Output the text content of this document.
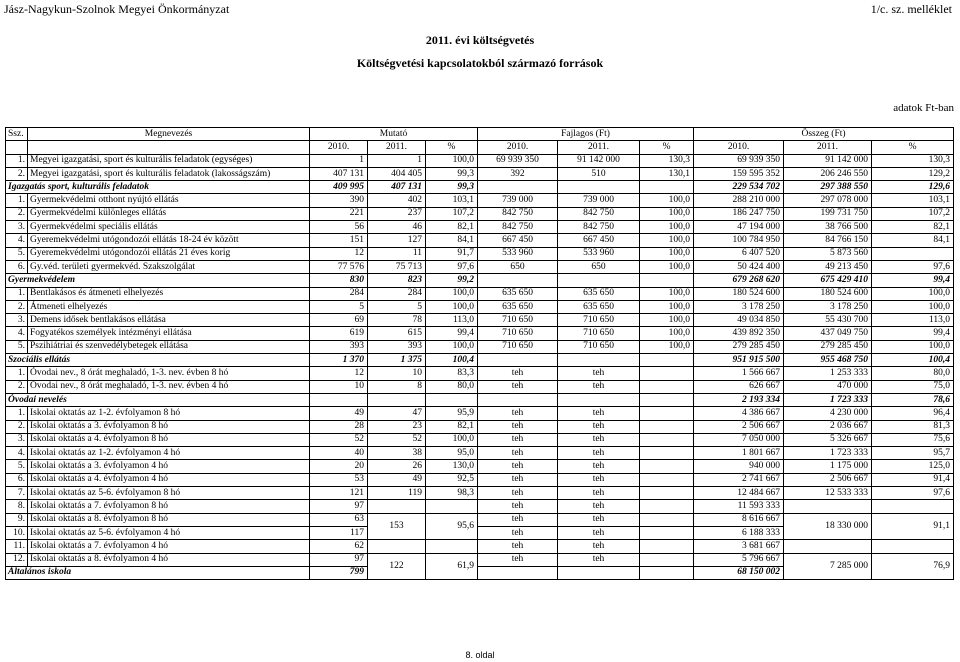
Jász-Nagykun-Szolnok Megyei Önkormányzat	1/c. sz. melléklet
2011. évi költségvetés
Költségvetési kapcsolatokból származó források
adatok Ft-ban
Ssz.	Megnevezés	Mutató			Fajlagos (Ft)			Összeg (Ft)		
		2010.	2011.	%	2010.	2011.	%	2010.	2011.	%
1.	Megyei igazgatási, sport és kulturális feladatok (egységes)	1	1	100,0	69 939 350	91 142 000	130,3	69 939 350	91 142 000	130,3
2.	Megyei igazgatási, sport és kulturális feladatok (lakosságszám)	407 131	404 405	99,3	392	510	130,1	159 595 352	206 246 550	129,2
Igazgatás sport, kulturális feladatok		409 995	407 131	99,3				229 534 702	297 388 550	129,6
1.	Gyermekvédelmi otthont nyújtó ellátás	390	402	103,1	739 000	739 000	100,0	288 210 000	297 078 000	103,1
2.	Gyermekvédelmi különleges ellátás	221	237	107,2	842 750	842 750	100,0	186 247 750	199 731 750	107,2
3.	Gyermekvédelmi speciális ellátás	56	46	82,1	842 750	842 750	100,0	47 194 000	38 766 500	82,1
4.	Gyeremekvédelmi utógondozói ellátás 18-24 év között	151	127	84,1	667 450	667 450	100,0	100 784 950	84 766 150	84,1
5.	Gyeremekvédelmi utógondozói ellátás 21 éves korig	12	11	91,7	533 960	533 960	100,0	6 407 520	5 873 560	
6.	Gy.véd. területi gyermekvéd. Szakszolgálat	77 576	75 713	97,6	650	650	100,0	50 424 400	49 213 450	97,6
Gyermekvédelem		830	823	99,2				679 268 620	675 429 410	99,4
1.	Bentlakásos és átmeneti elhelyezés	284	284	100,0	635 650	635 650	100,0	180 524 600	180 524 600	100,0
2.	Átmeneti elhelyezés	5	5	100,0	635 650	635 650	100,0	3 178 250	3 178 250	100,0
3.	Demens idősek bentlakásos ellátása	69	78	113,0	710 650	710 650	100,0	49 034 850	55 430 700	113,0
4.	Fogyatékos személyek intézményi ellátása	619	615	99,4	710 650	710 650	100,0	439 892 350	437 049 750	99,4
5.	Pszihiátriai és szenvedélybetegek ellátása	393	393	100,0	710 650	710 650	100,0	279 285 450	279 285 450	100,0
Szociális ellátás		1 370	1 375	100,4				951 915 500	955 468 750	100,4
1.	Óvodai nev., 8 órát meghaladó, 1-3. nev. évben 8 hó	12	10	83,3	teh	teh		1 566 667	1 253 333	80,0
2.	Óvodai nev., 8 órát meghaladó, 1-3. nev. évben 4 hó	10	8	80,0	teh	teh		626 667	470 000	75,0
Óvodai nevelés								2 193 334	1 723 333	78,6
1.	Iskolai oktatás az 1-2. évfolyamon 8 hó	49	47	95,9	teh	teh		4 386 667	4 230 000	96,4
2.	Iskolai oktatás a 3. évfolyamon 8 hó	28	23	82,1	teh	teh		2 506 667	2 036 667	81,3
3.	Iskolai oktatás a 4. évfolyamon 8 hó	52	52	100,0	teh	teh		7 050 000	5 326 667	75,6
4.	Iskolai oktatás az 1-2. évfolyamon 4 hó	40	38	95,0	teh	teh		1 801 667	1 723 333	95,7
5.	Iskolai oktatás a 3. évfolyamon 4 hó	20	26	130,0	teh	teh		940 000	1 175 000	125,0
6.	Iskolai oktatás a 4. évfolyamon 4 hó	53	49	92,5	teh	teh		2 741 667	2 506 667	91,4
7.	Iskolai oktatás az 5-6. évfolyamon 8 hó	121	119	98,3	teh	teh		12 484 667	12 533 333	97,6
8.	Iskolai oktatás a 7. évfolyamon 8 hó	97			teh	teh		11 593 333		
9.	Iskolai oktatás a 8. évfolyamon 8 hó	63	153	95,6	teh	teh		8 616 667	18 330 000	91,1
10.	Iskolai oktatás az 5-6. évfolyamon 4 hó	117			teh	teh		6 188 333		
11.	Iskolai oktatás a 7. évfolyamon 4 hó	62			teh	teh		3 681 667		
12.	Iskolai oktatás a 8. évfolyamon 4 hó	97	122	61,9	teh	teh		5 796 667	7 285 000	76,9
Általános iskola		799						68 150 002		
8. oldal
